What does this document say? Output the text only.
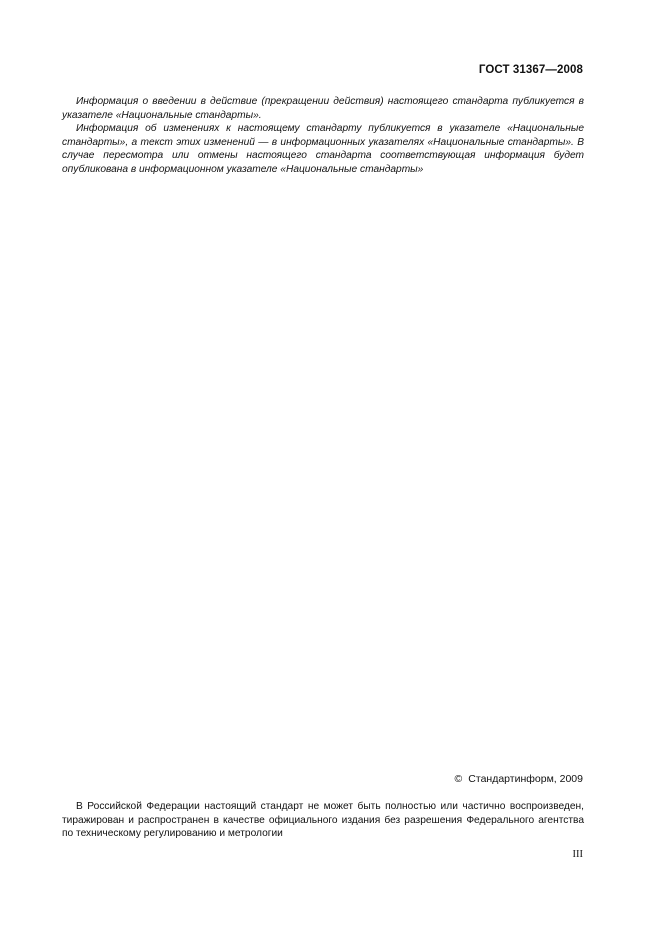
ГОСТ 31367—2008

Информация о введении в действие (прекращении действия) настоящего стандарта публикуется в указателе «Национальные стандарты».

Информация об изменениях к настоящему стандарту публикуется в указателе «Национальные стандарты», а текст этих изменений — в информационных указателях «Национальные стандарты». В случае пересмотра или отмены настоящего стандарта соответствующая информация будет опубликована в информационном указателе «Национальные стандарты»

© Стандартинформ, 2009

В Российской Федерации настоящий стандарт не может быть полностью или частично воспроизведен, тиражирован и распространен в качестве официального издания без разрешения Федерального агентства по техническому регулированию и метрологии

III
